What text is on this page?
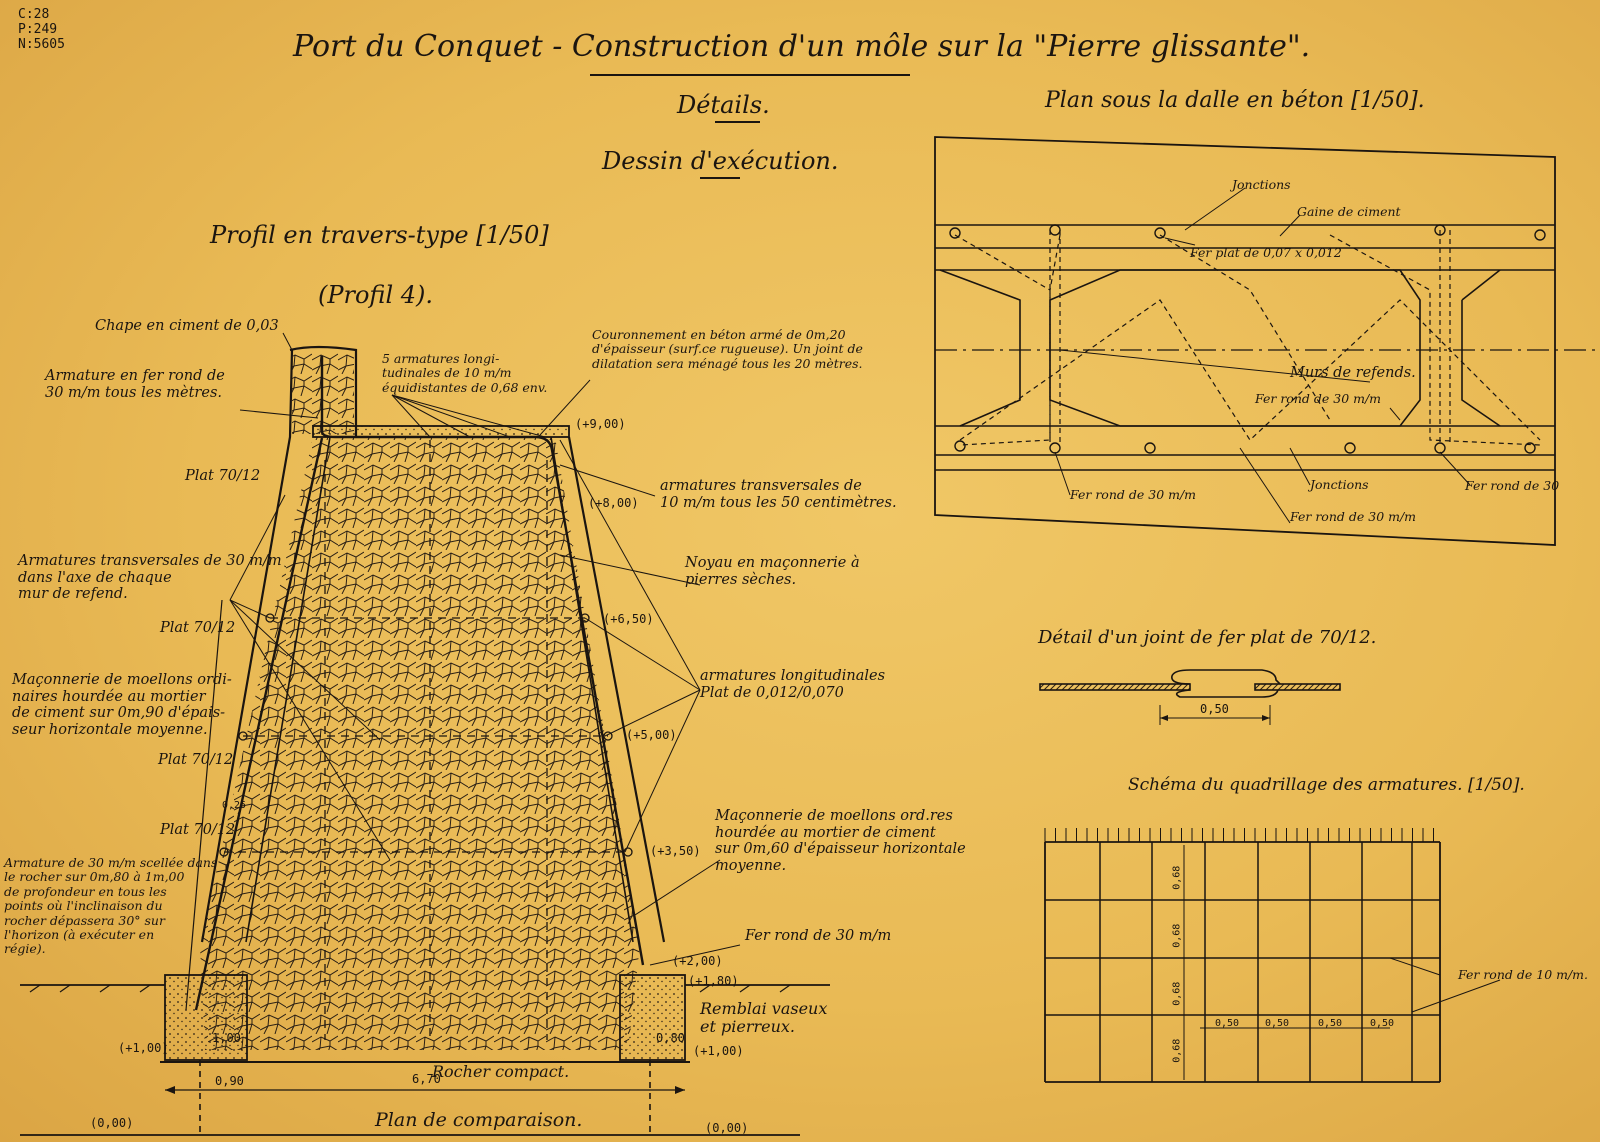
C:28
P:249
N:5605	Port du Conquet - Construction d'un môle sur la "Pierre glissante".
Détails.
Dessin d'exécution.
Profil en travers-type [1/50]
(Profil 4).
Chape en ciment de 0,03
Armature en fer rond de
30 m/m tous les mètres.
Plat 70/12
5 armatures longi-
tudinales de 10 m/m
équidistantes de 0,68 env.
Couronnement en béton armé de 0m,20
d'épaisseur (surf.ce rugueuse). Un joint de
dilatation sera ménagé tous les 20 mètres.
armatures transversales de
10 m/m tous les 50 centimètres.
Armatures transversales de 30 m/m
dans l'axe de chaque
mur de refend.
Noyau en maçonnerie à
pierres sèches.
Plat 70/12
Maçonnerie de moellons ordi-
naires hourdée au mortier
de ciment sur 0m,90 d'épais-
seur horizontale moyenne.
Plat 70/12
armatures longitudinales
Plat de 0,012/0,070
Plat 70/12
Maçonnerie de moellons ord.res
hourdée au mortier de ciment
sur 0m,60 d'épaisseur horizontale
moyenne.
Armature de 30 m/m scellée dans
le rocher sur 0m,80 à 1m,00
de profondeur en tous les
points où l'inclinaison du
rocher dépassera 30° sur
l'horizon (à exécuter en
régie).
Fer rond de 30 m/m
Remblai vaseux
et pierreux.
Rocher compact.
Plan de comparaison.
(+9,00)
(+8,00)
(+6,50)
(+5,00)
(+3,50)
(+2,00)
(+1,80)
(+1,00)
(+1,00)
(0,00)	(0,00)
0,25
1,00	0,80
6,70
0,90
Plan sous la dalle en béton [1/50].
Jonctions
Gaine de ciment
Fer plat de 0,07 x 0,012
Murs de refends.
Fer rond de 30 m/m
Fer rond de 30 m/m
Jonctions	Fer rond de 30
Fer rond de 30 m/m
Détail d'un joint de fer plat de 70/12.
0,50
Schéma du quadrillage des armatures. [1/50].
Fer rond de 10 m/m.
0,68
0,68
0,68
0,68
0,50	0,50	0,50	0,50
